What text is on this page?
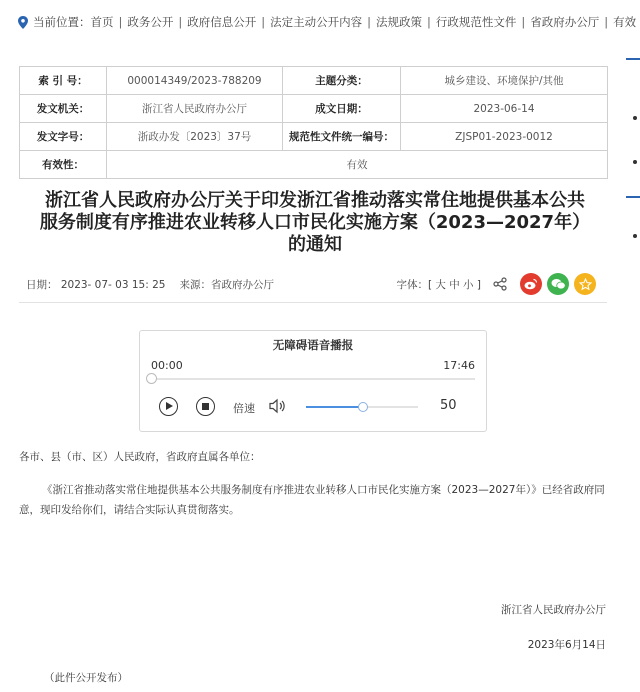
当前位置： 首页 | 政务公开 | 政府信息公开 | 法定主动公开内容 | 法规政策 | 行政规范性文件 | 省政府办公厅 | 有效
索 引 号：	000014349/2023-788209	主题分类：	城乡建设、环境保护/其他
发文机关：	浙江省人民政府办公厅	成文日期：	2023-06-14
发文字号：	浙政办发〔2023〕37号	规范性文件统一编号：	ZJSP01-2023-0012
有效性：	有效		
浙江省人民政府办公厅关于印发浙江省推动落实常住地提供基本公共
服务制度有序推进农业转移人口市民化实施方案（2023—2027年）
的通知
日期： 2023- 07- 03 15: 25 来源： 省政府办公厅	字体： [ 大 中 小 ]
无障碍语音播报
00:00	17:46
倍速	50
各市、县（市、区）人民政府，省政府直属各单位：
《浙江省推动落实常住地提供基本公共服务制度有序推进农业转移人口市民化实施方案（2023—2027年）》已经省政府同意，现印发给你们，请结合实际认真贯彻落实。
浙江省人民政府办公厅
2023年6月14日
（此件公开发布）
